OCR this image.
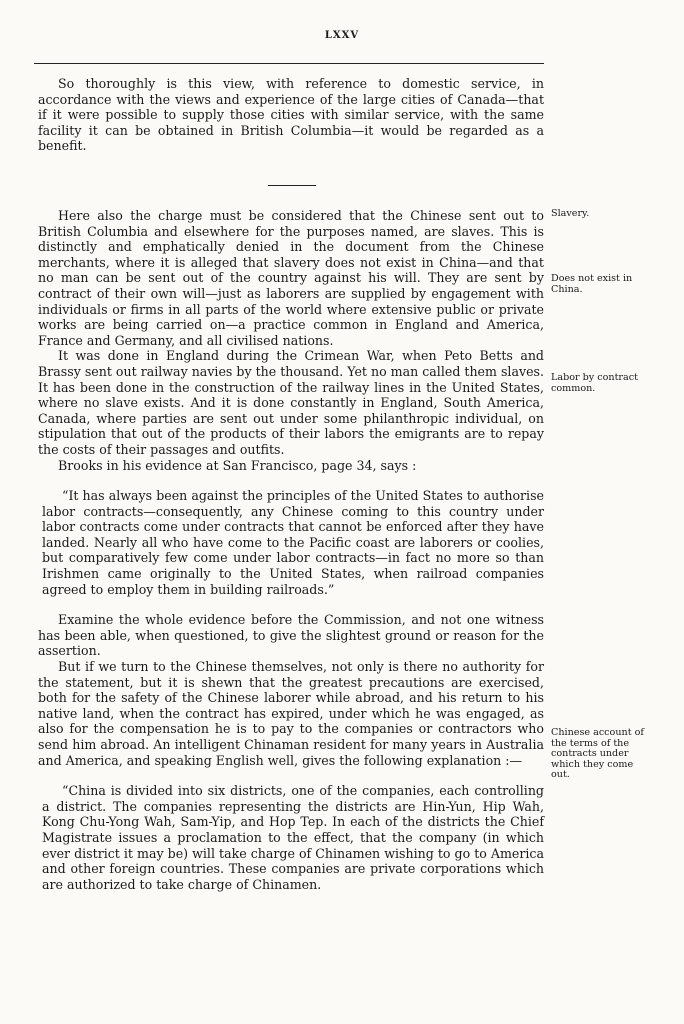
LXXV

So thoroughly is this view, with reference to domestic service, in accordance with the views and experience of the large cities of Canada—that if it were possible to supply those cities with similar service, with the same facility it can be obtained in British Columbia—it would be regarded as a benefit.

Here also the charge must be considered that the Chinese sent out to British Columbia and elsewhere for the purposes named, are slaves. This is distinctly and emphatically denied in the document from the Chinese merchants, where it is alleged that slavery does not exist in China—and that no man can be sent out of the country against his will. They are sent by contract of their own will—just as laborers are supplied by engagement with individuals or firms in all parts of the world where extensive public or private works are being carried on—a practice common in England and America, France and Germany, and all civilised nations.

It was done in England during the Crimean War, when Peto Betts and Brassy sent out railway navies by the thousand. Yet no man called them slaves. It has been done in the construction of the railway lines in the United States, where no slave exists. And it is done constantly in England, South America, Canada, where parties are sent out under some philanthropic individual, on stipulation that out of the products of their labors the emigrants are to repay the costs of their passages and outfits.

Brooks in his evidence at San Francisco, page 34, says :

“It has always been against the principles of the United States to authorise labor contracts—consequently, any Chinese coming to this country under labor contracts come under contracts that cannot be enforced after they have landed. Nearly all who have come to the Pacific coast are laborers or coolies, but comparatively few come under labor contracts—in fact no more so than Irishmen came originally to the United States, when railroad companies agreed to employ them in building railroads.”

Examine the whole evidence before the Commission, and not one witness has been able, when questioned, to give the slightest ground or reason for the assertion.

But if we turn to the Chinese themselves, not only is there no authority for the statement, but it is shewn that the greatest precautions are exercised, both for the safety of the Chinese laborer while abroad, and his return to his native land, when the contract has expired, under which he was engaged, as also for the compensation he is to pay to the companies or contractors who send him abroad. An intelligent Chinaman resident for many years in Australia and America, and speaking English well, gives the following explanation :—

“China is divided into six districts, one of the companies, each controlling a district. The companies representing the districts are Hin-Yun, Hip Wah, Kong Chu-Yong Wah, Sam-Yip, and Hop Tep. In each of the districts the Chief Magistrate issues a proclamation to the effect, that the company (in which ever district it may be) will take charge of Chinamen wishing to go to America and other foreign countries. These companies are private corporations which are authorized to take charge of Chinamen.

Slavery.
Does not exist in China.
Labor by contract common.
Chinese account of the terms of the contracts under which they come out.
